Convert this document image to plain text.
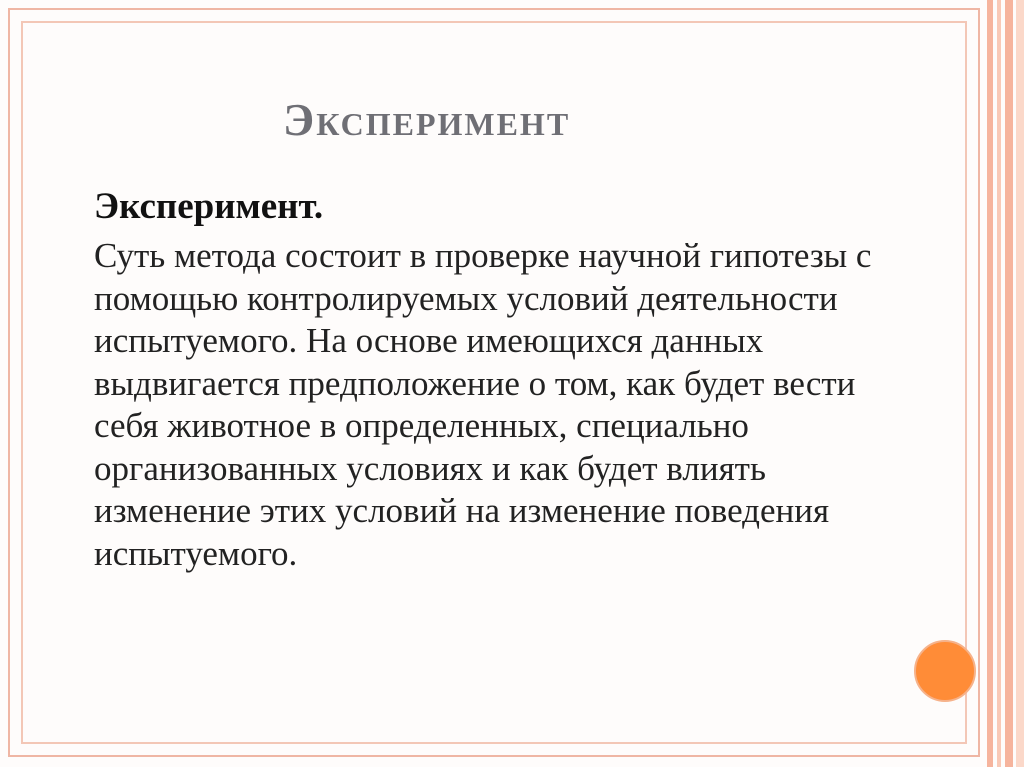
Эксперимент
Эксперимент.
Суть метода состоит в проверке научной гипотезы с помощью контролируемых условий деятельности испытуемого. На основе имеющихся данных выдвигается предположение о том, как будет вести себя животное в определенных, специально организованных условиях и как будет влиять изменение этих условий на изменение поведения испытуемого.
